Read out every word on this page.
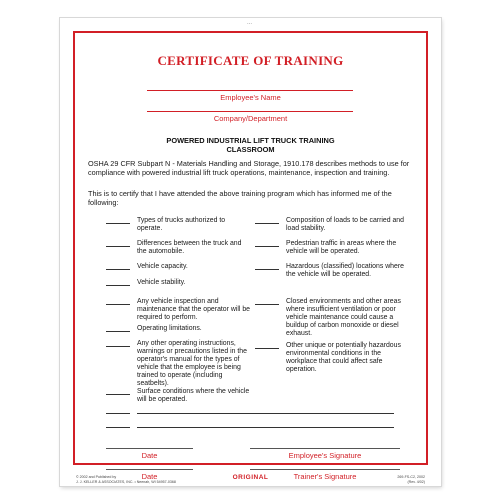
...
CERTIFICATE OF TRAINING
Employee's Name
Company/Department
POWERED INDUSTRIAL LIFT TRUCK TRAINING
CLASSROOM
OSHA 29 CFR Subpart N - Materials Handling and Storage, 1910.178 describes methods to use for compliance with powered industrial lift truck operations, maintenance, inspection and training.
This is to certify that I have attended the above training program which has informed me of the following:
Types of trucks authorized to operate.
Differences between the truck and the automobile.
Vehicle capacity.
Vehicle stability.
Any vehicle inspection and maintenance that the operator will be required to perform.
Operating limitations.
Any other operating instructions, warnings or precautions listed in the operator's manual for the types of vehicle that the employee is being trained to operate (including seatbelts).
Surface conditions where the vehicle will be operated.
Composition of loads to be carried and load stability.
Pedestrian traffic in areas where the vehicle will be operated.
Hazardous (classified) locations where the vehicle will be operated.
Closed environments and other areas where insufficient ventilation or poor vehicle maintenance could cause a buildup of carbon monoxide or diesel exhaust.
Other unique or potentially hazardous environmental conditions in the workplace that could affect safe operation.
Date	Employee's Signature
Date	Trainer's Signature
© 2002 and Published by
J. J. KELLER & ASSOCIATES, INC. • Neenah, WI 54957-0368
ORIGINAL	269-FS-C2, 2002
(Rev. 4/02)
